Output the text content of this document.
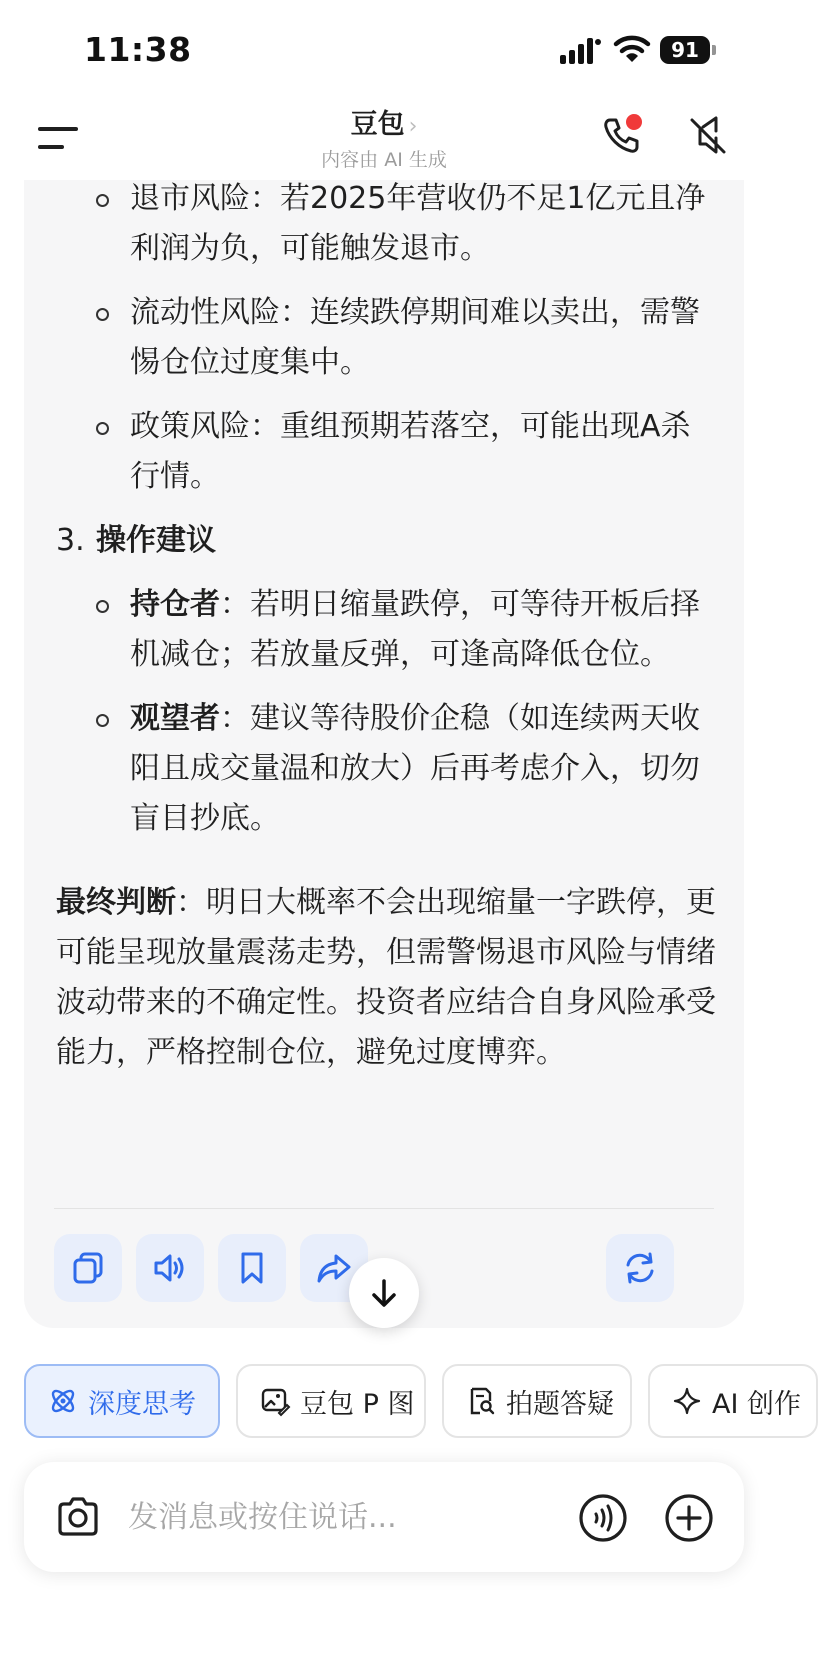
11:38	91
豆包 ›
内容由 AI 生成
退市风险：若2025年营收仍不足1亿元且净利润为负，可能触发退市。
流动性风险：连续跌停期间难以卖出，需警惕仓位过度集中。
政策风险：重组预期若落空，可能出现A杀行情。
3. 操作建议
持仓者：若明日缩量跌停，可等待开板后择机减仓；若放量反弹，可逢高降低仓位。
观望者：建议等待股价企稳（如连续两天收阳且成交量温和放大）后再考虑介入，切勿盲目抄底。
最终判断：明日大概率不会出现缩量一字跌停，更可能呈现放量震荡走势，但需警惕退市风险与情绪波动带来的不确定性。投资者应结合自身风险承受能力，严格控制仓位，避免过度博弈。
深度思考	豆包 P 图	拍题答疑	AI 创作
发消息或按住说话...
